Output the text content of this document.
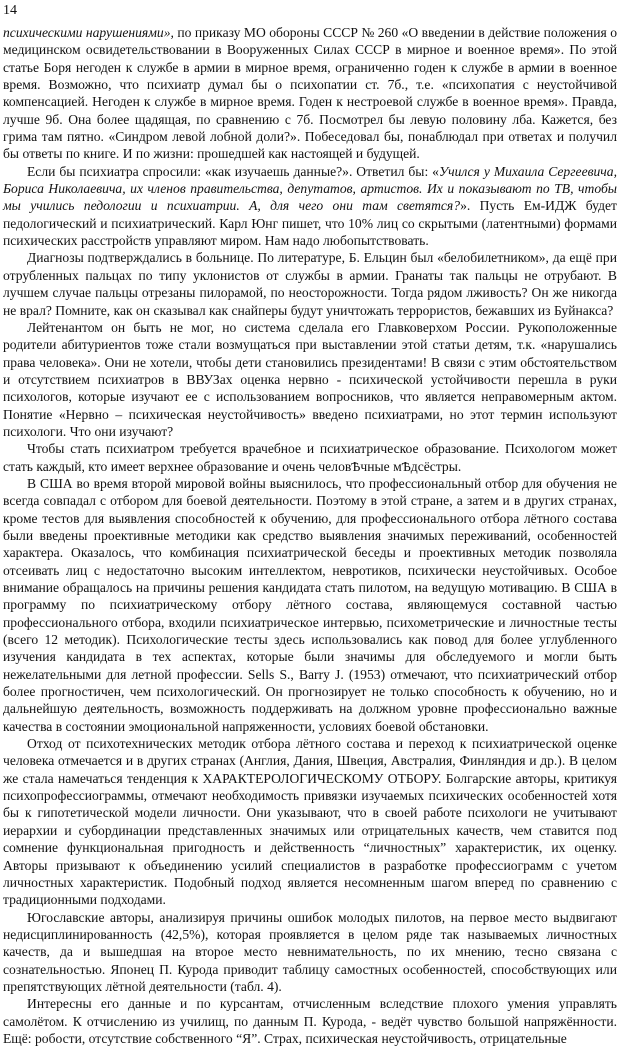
14

психическими нарушениями», по приказу МО обороны СССР № 260 «О введении в действие положения о медицинском освидетельствовании в Вооруженных Силах СССР в мирное и военное время». По этой статье Боря негоден к службе в армии в мирное время, ограниченно годен к службе в армии в военное время. Возможно, что психиатр думал бы о психопатии ст. 7б., т.е. «психопатия с неустойчивой компенсацией. Негоден к службе в мирное время. Годен к нестроевой службе в военное время». Правда, лучше 9б. Она более щадящая, по сравнению с 7б. Посмотрел бы левую половину лба. Кажется, без грима там пятно. «Синдром левой лобной доли?». Побеседовал бы, понаблюдал при ответах и получил бы ответы по книге. И по жизни: прошедшей как настоящей и будущей.

Если бы психиатра спросили: «как изучаешь данные?». Ответил бы: «Учился у Михаила Сергеевича, Бориса Николаевича, их членов правительства, депутатов, артистов. Их и показывают по ТВ, чтобы мы учились педологии и психиатрии. А, для чего они там светятся?». Пусть Ем-ИДЖ будет педологический и психиатрический. Карл Юнг пишет, что 10% лиц со скрытыми (латентными) формами психических расстройств управляют миром. Нам надо любопытствовать.

Диагнозы подтверждались в больнице. По литературе, Б. Ельцин был «белобилетником», да ещё при отрубленных пальцах по типу уклонистов от службы в армии. Гранаты так пальцы не отрубают. В лучшем случае пальцы отрезаны пилорамой, по неосторожности. Тогда рядом лживость? Он же никогда не врал? Помните, как он сказывал как снайперы будут уничтожать террористов, бежавших из Буйнакса?

Лейтенантом он быть не мог, но система сделала его Главковерхом России. Рукоположенные родители абитуриентов тоже стали возмущаться при выставлении этой статьи детям, т.к. «нарушались права человека». Они не хотели, чтобы дети становились президентами! В связи с этим обстоятельством и отсутствием психиатров в ВВУЗах оценка нервно - психической устойчивости перешла в руки психологов, которые изучают ее с использованием вопросников, что является неправомерным актом. Понятие «Нервно – психическая неустойчивость» введено психиатрами, но этот термин используют психологи. Что они изучают?

Чтобы стать психиатром требуется врачебное и психиатрическое образование. Психологом может стать каждый, кто имеет верхнее образование и очень человѢчные мѢдсёстры.

В США во время второй мировой войны выяснилось, что профессиональный отбор для обучения не всегда совпадал с отбором для боевой деятельности. Поэтому в этой стране, а затем и в других странах, кроме тестов для выявления способностей к обучению, для профессионального отбора лётного состава были введены проективные методики как средство выявления значимых переживаний, особенностей характера. Оказалось, что комбинация психиатрической беседы и проективных методик позволяла отсеивать лиц с недостаточно высоким интеллектом, невротиков, психически неустойчивых. Особое внимание обращалось на причины решения кандидата стать пилотом, на ведущую мотивацию. В США в программу по психиатрическому отбору лётного состава, являющемуся составной частью профессионального отбора, входили психиатрическое интервью, психометрические и личностные тесты (всего 12 методик). Психологические тесты здесь использовались как повод для более углубленного изучения кандидата в тех аспектах, которые были значимы для обследуемого и могли быть нежелательными для летной профессии. Sells S., Barry J. (1953) отмечают, что психиатрический отбор более прогностичен, чем психологический. Он прогнозирует не только способность к обучению, но и дальнейшую деятельность, возможность поддерживать на должном уровне профессионально важные качества в состоянии эмоциональной напряженности, условиях боевой обстановки.

Отход от психотехнических методик отбора лётного состава и переход к психиатрической оценке человека отмечается и в других странах (Англия, Дания, Швеция, Австралия, Финляндия и др.). В целом же стала намечаться тенденция к ХАРАКТЕРОЛОГИЧЕСКОМУ ОТБОРУ. Болгарские авторы, критикуя психопрофессиограммы, отмечают необходимость привязки изучаемых психических особенностей хотя бы к гипотетической модели личности. Они указывают, что в своей работе психологи не учитывают иерархии и субординации представленных значимых или отрицательных качеств, чем ставится под сомнение функциональная пригодность и действенность “личностных” характеристик, их оценку. Авторы призывают к объединению усилий специалистов в разработке профессиограмм с учетом личностных характеристик. Подобный подход является несомненным шагом вперед по сравнению с традиционными подходами.

Югославские авторы, анализируя причины ошибок молодых пилотов, на первое место выдвигают недисциплинированность (42,5%), которая проявляется в целом ряде так называемых личностных качеств, да и вышедшая на второе место невнимательность, по их мнению, тесно связана с сознательностью. Японец П. Курода приводит таблицу самостных особенностей, способствующих или препятствующих лётной деятельности (табл. 4).

Интересны его данные и по курсантам, отчисленным вследствие плохого умения управлять самолётом. К отчислению из училищ, по данным П. Курода, - ведёт чувство большой напряжённости. Ещё: робости, отсутствие собственного “Я”. Страх, психическая неустойчивость, отрицательные
